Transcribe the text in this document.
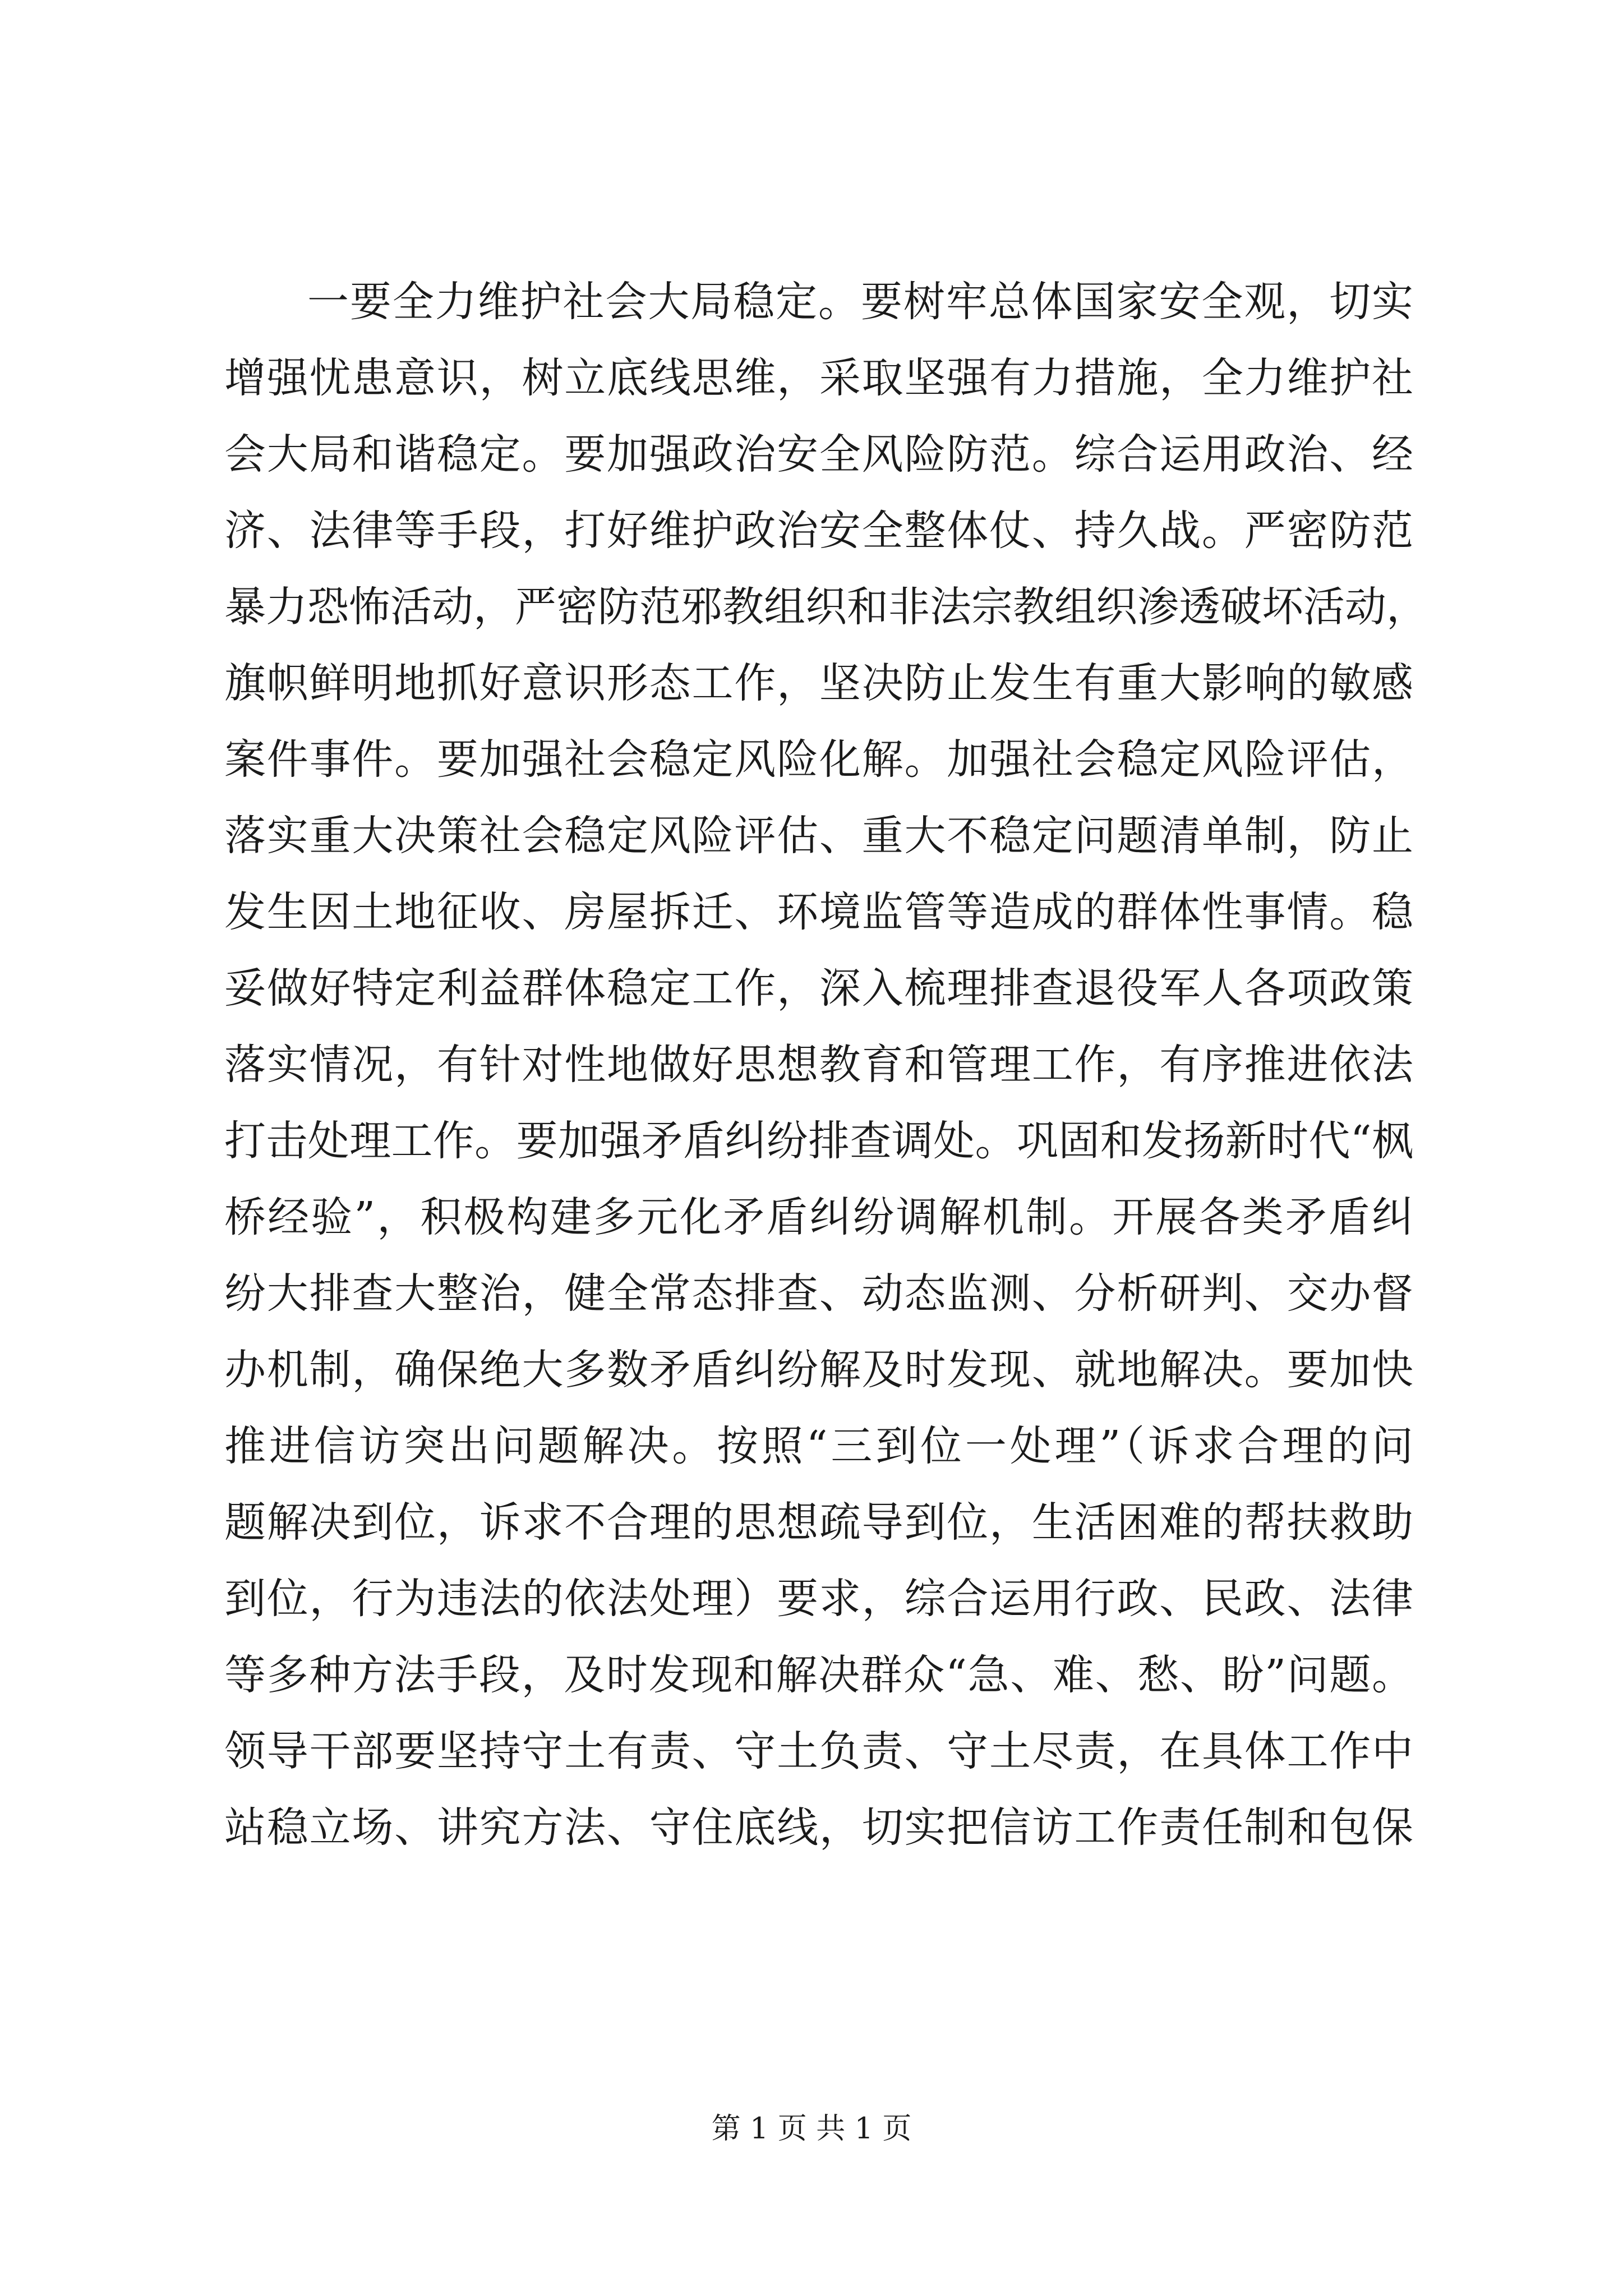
一要全力维护社会大局稳定。要树牢总体国家安全观，切实
增强忧患意识，树立底线思维，采取坚强有力措施，全力维护社
会大局和谐稳定。要加强政治安全风险防范。综合运用政治、经
济、法律等手段，打好维护政治安全整体仗、持久战。严密防范
暴力恐怖活动，严密防范邪教组织和非法宗教组织渗透破坏活动，
旗帜鲜明地抓好意识形态工作，坚决防止发生有重大影响的敏感
案件事件。要加强社会稳定风险化解。加强社会稳定风险评估，
落实重大决策社会稳定风险评估、重大不稳定问题清单制，防止
发生因土地征收、房屋拆迁、环境监管等造成的群体性事情。稳
妥做好特定利益群体稳定工作，深入梳理排查退役军人各项政策
落实情况，有针对性地做好思想教育和管理工作，有序推进依法
打击处理工作。要加强矛盾纠纷排查调处。巩固和发扬新时代“枫
桥经验”，积极构建多元化矛盾纠纷调解机制。开展各类矛盾纠
纷大排查大整治，健全常态排查、动态监测、分析研判、交办督
办机制，确保绝大多数矛盾纠纷解及时发现、就地解决。要加快
推进信访突出问题解决。按照“三到位一处理”（诉求合理的问
题解决到位，诉求不合理的思想疏导到位，生活困难的帮扶救助
到位，行为违法的依法处理）要求，综合运用行政、民政、法律
等多种方法手段，及时发现和解决群众“急、难、愁、盼”问题。
领导干部要坚持守土有责、守土负责、守土尽责，在具体工作中
站稳立场、讲究方法、守住底线，切实把信访工作责任制和包保
第 1 页 共 1 页
